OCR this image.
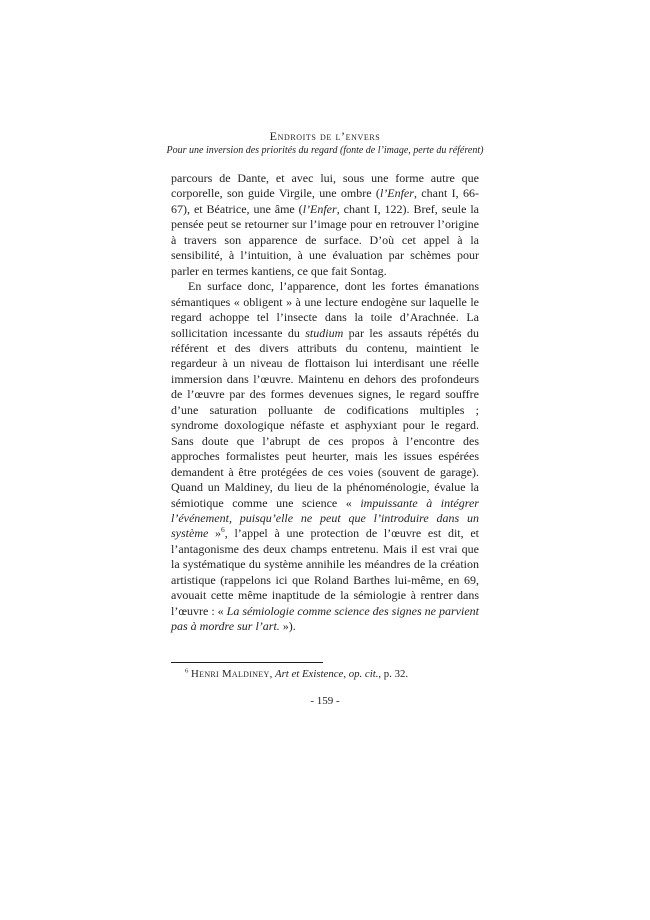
Endroits de l’envers
Pour une inversion des priorités du regard (fonte de l’image, perte du référent)

parcours de Dante, et avec lui, sous une forme autre que corporelle, son guide Virgile, une ombre (l’Enfer, chant I, 66-67), et Béatrice, une âme (l’Enfer, chant I, 122). Bref, seule la pensée peut se retourner sur l’image pour en retrouver l’origine à travers son apparence de surface. D’où cet appel à la sensibilité, à l’intuition, à une évaluation par schèmes pour parler en termes kantiens, ce que fait Sontag.

En surface donc, l’apparence, dont les fortes émanations sémantiques « obligent » à une lecture endogène sur laquelle le regard achoppe tel l’insecte dans la toile d’Arachnée. La sollicitation incessante du studium par les assauts répétés du référent et des divers attributs du contenu, maintient le regardeur à un niveau de flottaison lui interdisant une réelle immersion dans l’œuvre. Maintenu en dehors des profondeurs de l’œuvre par des formes devenues signes, le regard souffre d’une saturation polluante de codifications multiples ; syndrome doxologique néfaste et asphyxiant pour le regard. Sans doute que l’abrupt de ces propos à l’encontre des approches formalistes peut heurter, mais les issues espérées demandent à être protégées de ces voies (souvent de garage). Quand un Maldiney, du lieu de la phénoménologie, évalue la sémiotique comme une science « impuissante à intégrer l’événement, puisqu’elle ne peut que l’introduire dans un système »$^6$, l’appel à une protection de l’œuvre est dit, et l’antagonisme des deux champs entretenu. Mais il est vrai que la systématique du système annihile les méandres de la création artistique (rappelons ici que Roland Barthes lui-même, en 69, avouait cette même inaptitude de la sémiologie à rentrer dans l’œuvre : « La sémiologie comme science des signes ne parvient pas à mordre sur l’art. »).

$^6$ Henri Maldiney, Art et Existence, op. cit., p. 32.
- 159 -
